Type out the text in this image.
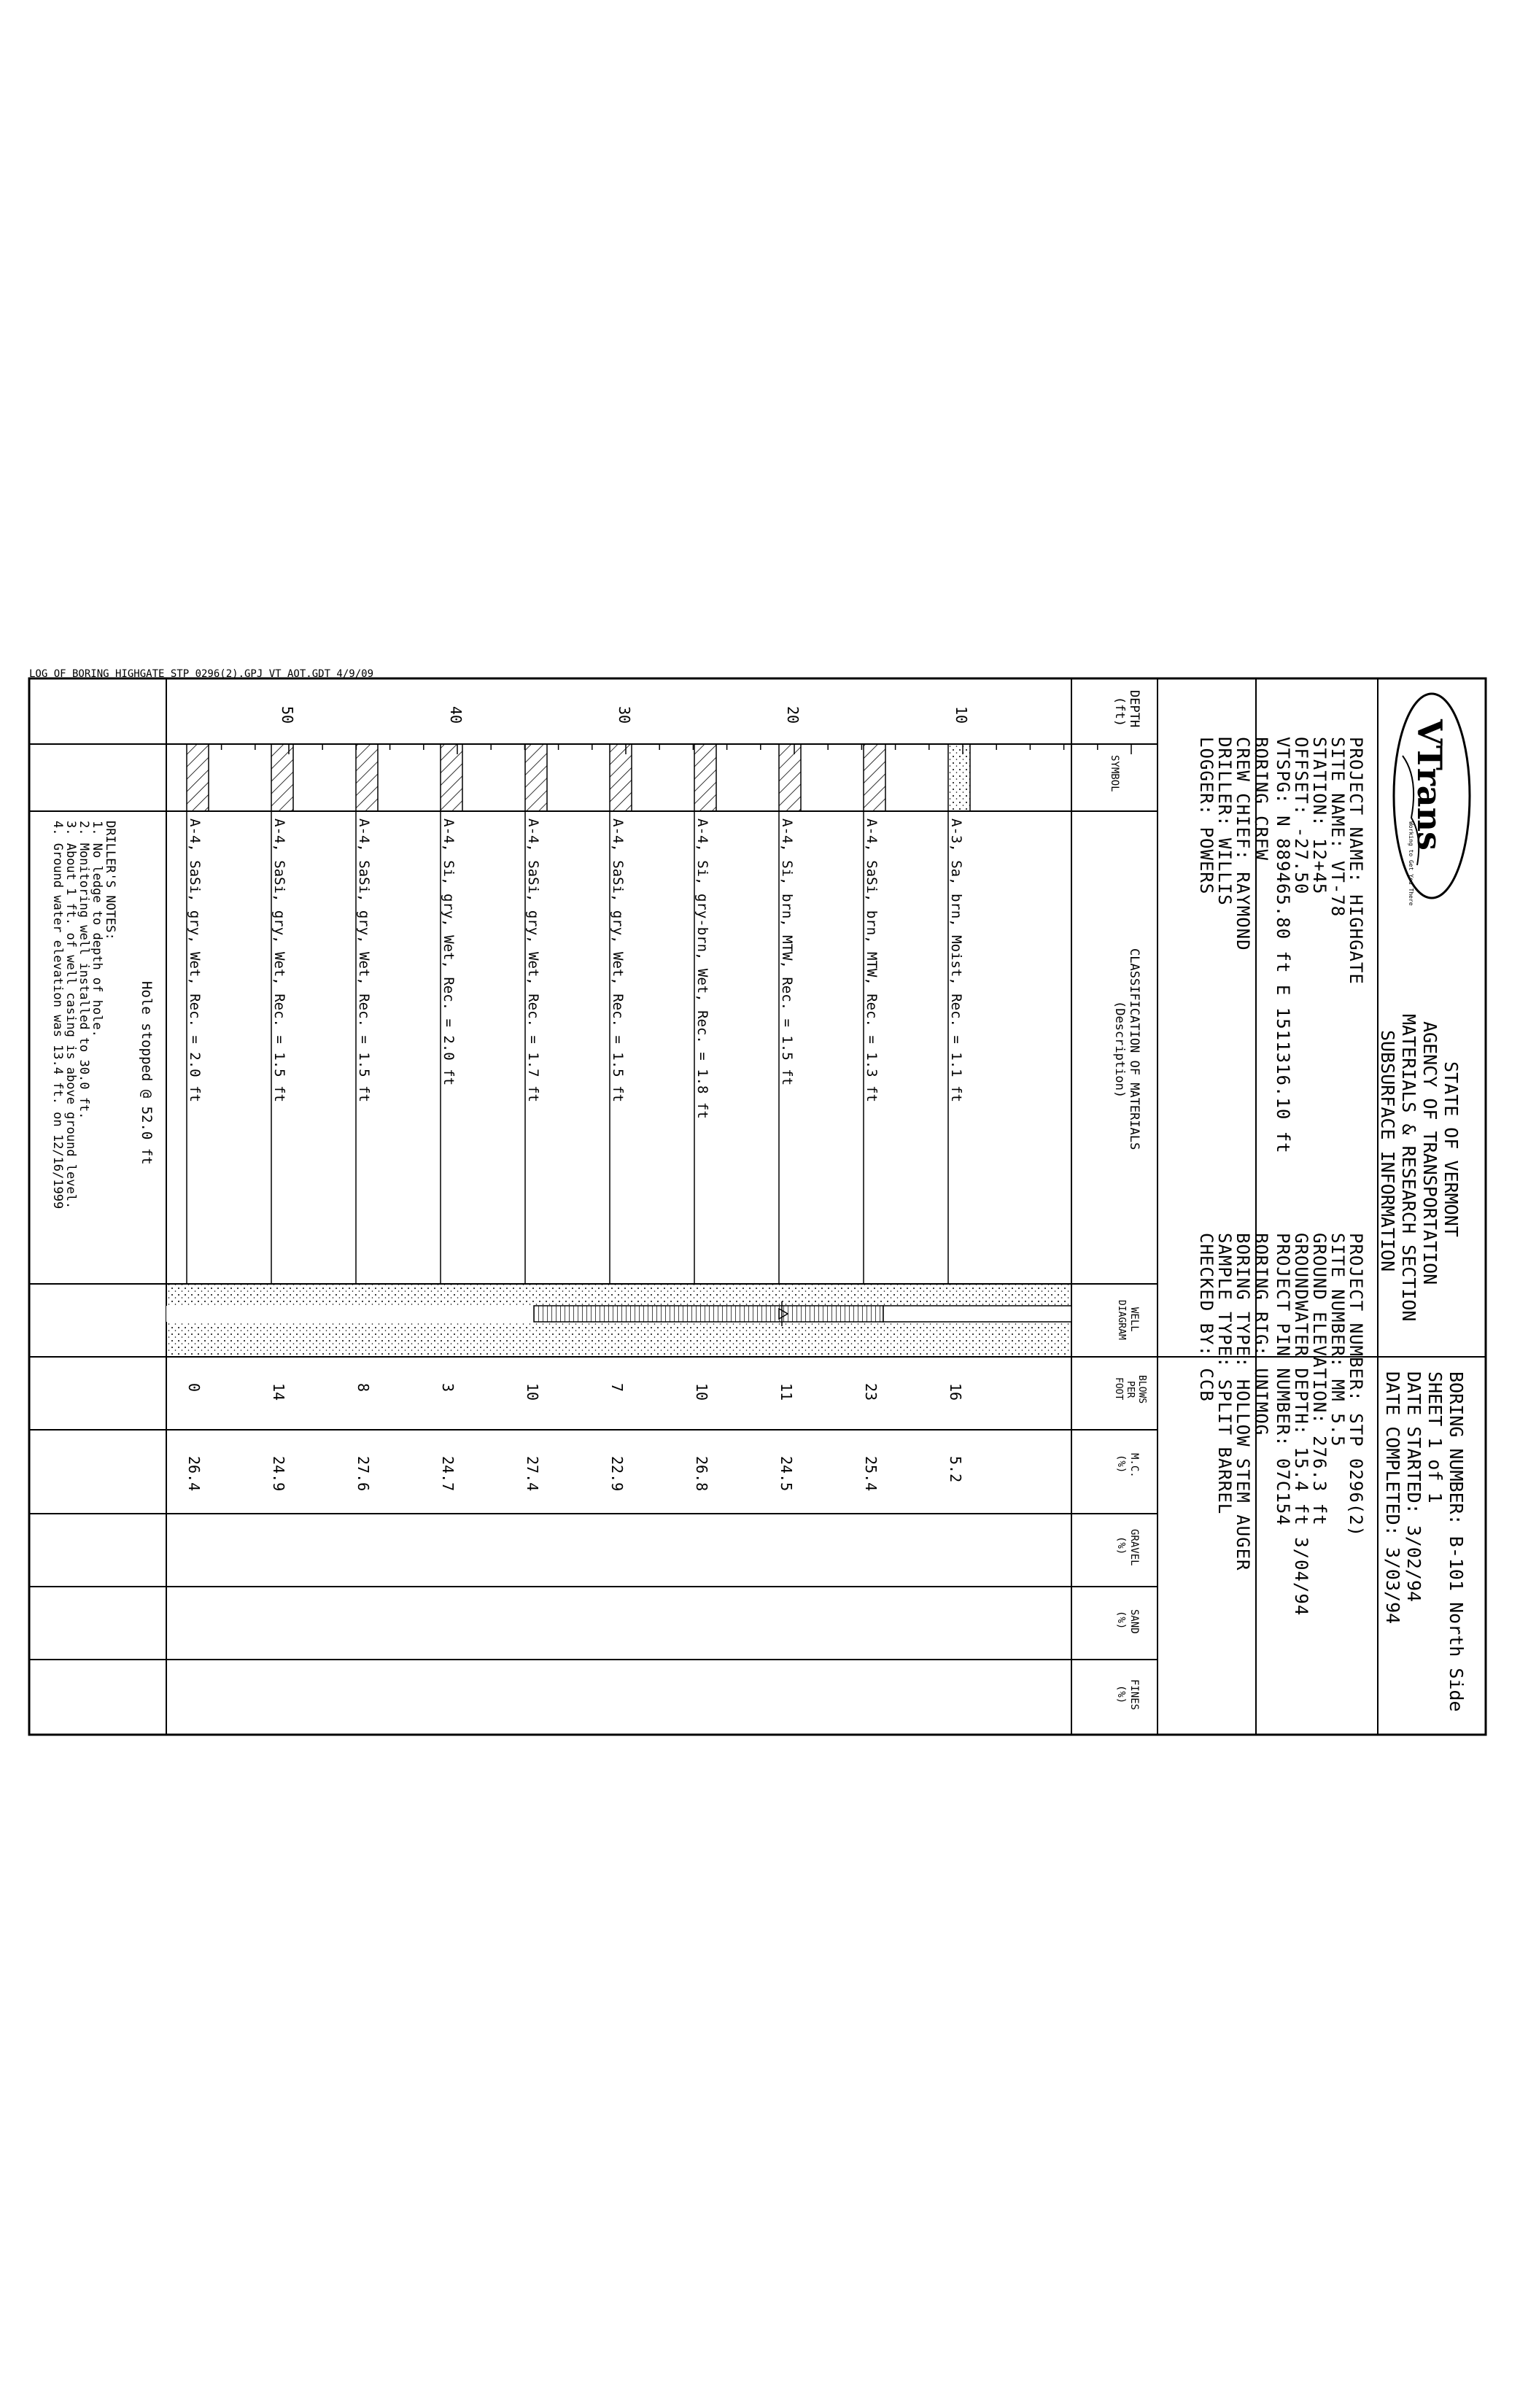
LOG OF BORING HIGHGATE STP 0296(2).GPJ VT AOT.GDT 4/9/09
10
20
30
40
50
A-3, Sa, brn, Moist, Rec. = 1.1 ft
16
5.2
A-4, SaSi, brn, MTW, Rec. = 1.3 ft
23
25.4
A-4, Si, brn, MTW, Rec. = 1.5 ft
11
24.5
A-4, Si, gry-brn, Wet, Rec. = 1.8 ft
10
26.8
A-4, SaSi, gry, Wet, Rec. = 1.5 ft
7
22.9
A-4, SaSi, gry, Wet, Rec. = 1.7 ft
10
27.4
A-4, Si, gry, Wet, Rec. = 2.0 ft
3
24.7
A-4, SaSi, gry, Wet, Rec. = 1.5 ft
8
27.6
A-4, SaSi, gry, Wet, Rec. = 1.5 ft
14
24.9
A-4, SaSi, gry, Wet, Rec. = 2.0 ft
0
26.4
VTrans
Working to Get You There
STATE OF VERMONT
AGENCY OF TRANSPORTATION
MATERIALS & RESEARCH SECTION
SUBSURFACE INFORMATION
BORING NUMBER: B-101 North Side
SHEET 1 of 1
DATE STARTED: 3/02/94
DATE COMPLETED: 3/03/94
PROJECT NAME: HIGHGATE
SITE NAME: VT-78
STATION: 12+45
OFFSET: -27.50
VTSPG: N 889465.80 ft E 1511316.10 ft
BORING CREW
CREW CHIEF: RAYMOND
DRILLER: WILLIS
LOGGER: POWERS
PROJECT NUMBER: STP 0296(2)
SITE NUMBER: MM 5.5
GROUND ELEVATION: 276.3 ft
GROUNDWATER DEPTH: 15.4 ft 3/04/94
PROJECT PIN NUMBER: 07C154
BORING RIG: UNIMOG
BORING TYPE: HOLLOW STEM AUGER
SAMPLE TYPE: SPLIT BARREL
CHECKED BY: CCB
DEPTH
(ft)
SYMBOL
CLASSIFICATION OF MATERIALS
(Description)
WELL
DIAGRAM
BLOWS
PER
FOOT
M.C.
(%)
GRAVEL
(%)
SAND
(%)
FINES
(%)
Hole stopped @ 52.0 ft
DRILLER'S NOTES:
1. No ledge to depth of hole.
2. Monitoring well installed to 30.0 ft.
3. About 1 ft. of well casing is above ground level.
4. Ground water elevation was 13.4 ft. on 12/16/1999
